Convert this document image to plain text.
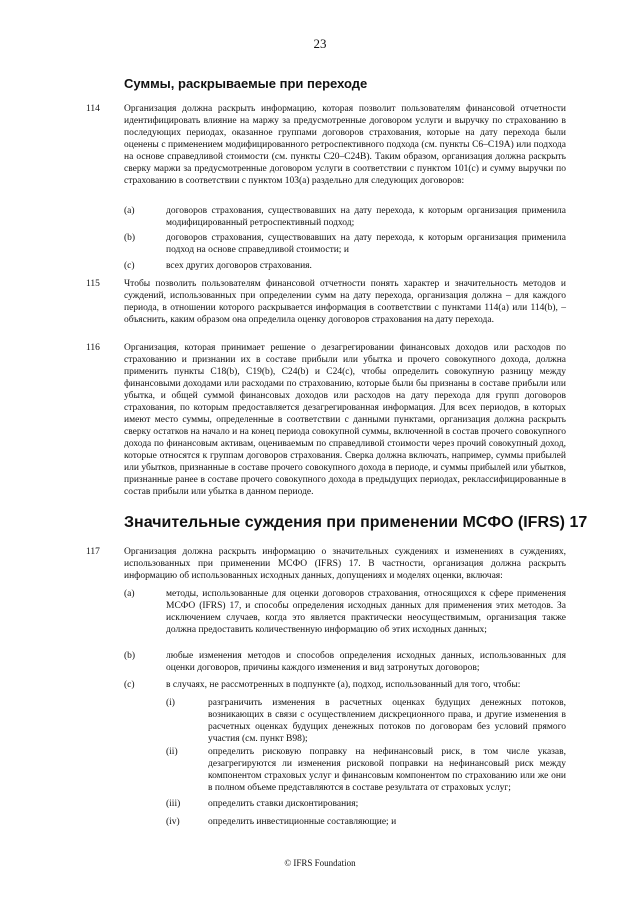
23
Суммы, раскрываемые при переходе
114	Организация должна раскрыть информацию, которая позволит пользователям финансовой отчетности идентифицировать влияние на маржу за предусмотренные договором услуги и выручку по страхованию в последующих периодах, оказанное группами договоров страхования, которые на дату перехода были оценены с применением модифицированного ретроспективного подхода (см. пункты С6–С19А) или подхода на основе справедливой стоимости (см. пункты С20–С24В). Таким образом, организация должна раскрыть сверку маржи за предусмотренные договором услуги в соответствии с пунктом 101(с) и сумму выручки по страхованию в соответствии с пунктом 103(а) раздельно для следующих договоров:
(a)	договоров страхования, существовавших на дату перехода, к которым организация применила модифицированный ретроспективный подход;
(b)	договоров страхования, существовавших на дату перехода, к которым организация применила подход на основе справедливой стоимости; и
(c)	всех других договоров страхования.
115	Чтобы позволить пользователям финансовой отчетности понять характер и значительность методов и суждений, использованных при определении сумм на дату перехода, организация должна – для каждого периода, в отношении которого раскрывается информация в соответствии с пунктами 114(a) или 114(b), – объяснить, каким образом она определила оценку договоров страхования на дату перехода.
116	Организация, которая принимает решение о дезагрегировании финансовых доходов или расходов по страхованию и признании их в составе прибыли или убытка и прочего совокупного дохода, должна применить пункты С18(b), С19(b), С24(b) и С24(с), чтобы определить совокупную разницу между финансовыми доходами или расходами по страхованию, которые были бы признаны в составе прибыли или убытка, и общей суммой финансовых доходов или расходов на дату перехода для групп договоров страхования, по которым предоставляется дезагрегированная информация. Для всех периодов, в которых имеют место суммы, определенные в соответствии с данными пунктами, организация должна раскрыть сверку остатков на начало и на конец периода совокупной суммы, включенной в состав прочего совокупного дохода по финансовым активам, оцениваемым по справедливой стоимости через прочий совокупный доход, которые относятся к группам договоров страхования. Сверка должна включать, например, суммы прибылей или убытков, признанные в составе прочего совокупного дохода в периоде, и суммы прибылей или убытков, признанные ранее в составе прочего совокупного дохода в предыдущих периодах, реклассифицированные в состав прибыли или убытка в данном периоде.
Значительные суждения при применении МСФО (IFRS) 17
117	Организация должна раскрыть информацию о значительных суждениях и изменениях в суждениях, использованных при применении МСФО (IFRS) 17. В частности, организация должна раскрыть информацию об использованных исходных данных, допущениях и моделях оценки, включая:
(a)	методы, использованные для оценки договоров страхования, относящихся к сфере применения МСФО (IFRS) 17, и способы определения исходных данных для применения этих методов. За исключением случаев, когда это является практически неосуществимым, организация также должна предоставить количественную информацию об этих исходных данных;
(b)	любые изменения методов и способов определения исходных данных, использованных для оценки договоров, причины каждого изменения и вид затронутых договоров;
(c)	в случаях, не рассмотренных в подпункте (a), подход, использованный для того, чтобы:
(i)	разграничить изменения в расчетных оценках будущих денежных потоков, возникающих в связи с осуществлением дискреционного права, и другие изменения в расчетных оценках будущих денежных потоков по договорам без условий прямого участия (см. пункт В98);
(ii)	определить рисковую поправку на нефинансовый риск, в том числе указав, дезагрегируются ли изменения рисковой поправки на нефинансовый риск между компонентом страховых услуг и финансовым компонентом по страхованию или же они в полном объеме представляются в составе результата от страховых услуг;
(iii)	определить ставки дисконтирования;
(iv)	определить инвестиционные составляющие; и
© IFRS Foundation
